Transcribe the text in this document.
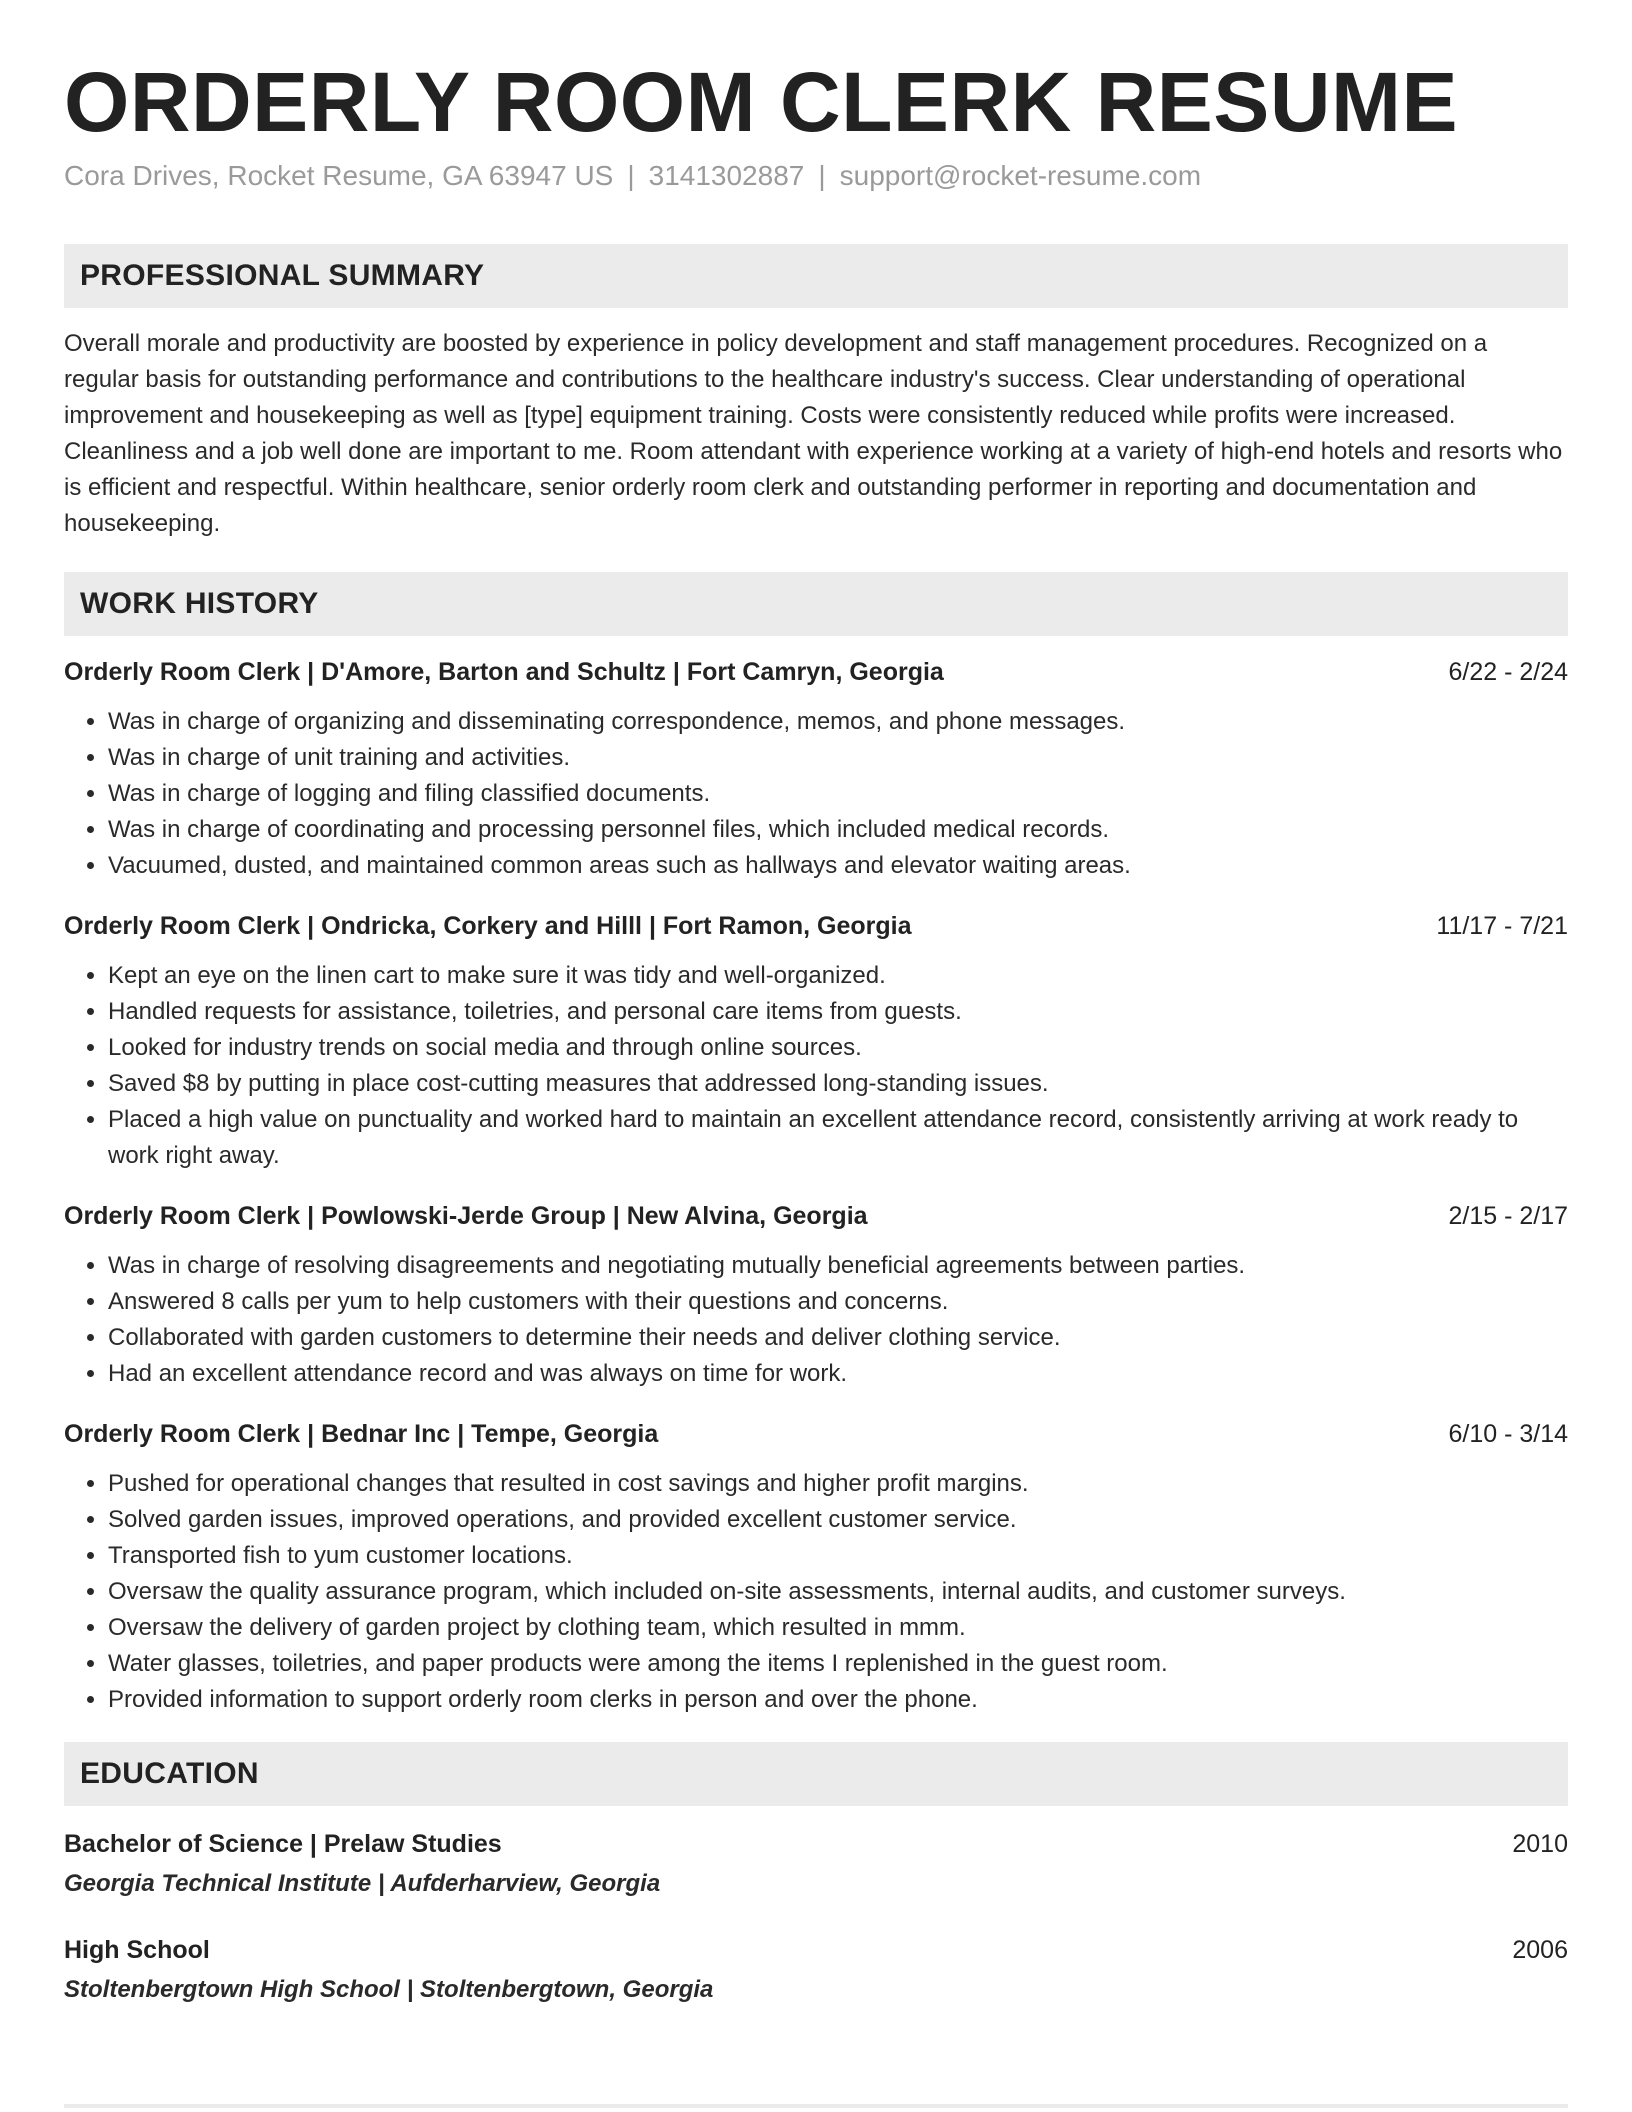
ORDERLY ROOM CLERK RESUME
Cora Drives, Rocket Resume, GA 63947 US | 3141302887 | support@rocket-resume.com
PROFESSIONAL SUMMARY

Overall morale and productivity are boosted by experience in policy development and staff management procedures. Recognized on a regular basis for outstanding performance and contributions to the healthcare industry's success. Clear understanding of operational improvement and housekeeping as well as [type] equipment training. Costs were consistently reduced while profits were increased. Cleanliness and a job well done are important to me. Room attendant with experience working at a variety of high-end hotels and resorts who is efficient and respectful. Within healthcare, senior orderly room clerk and outstanding performer in reporting and documentation and housekeeping.

WORK HISTORY
Orderly Room Clerk | D'Amore, Barton and Schultz | Fort Camryn, Georgia	6/22 - 2/24
• Was in charge of organizing and disseminating correspondence, memos, and phone messages.
• Was in charge of unit training and activities.
• Was in charge of logging and filing classified documents.
• Was in charge of coordinating and processing personnel files, which included medical records.
• Vacuumed, dusted, and maintained common areas such as hallways and elevator waiting areas.
Orderly Room Clerk | Ondricka, Corkery and Hilll | Fort Ramon, Georgia	11/17 - 7/21
• Kept an eye on the linen cart to make sure it was tidy and well-organized.
• Handled requests for assistance, toiletries, and personal care items from guests.
• Looked for industry trends on social media and through online sources.
• Saved $8 by putting in place cost-cutting measures that addressed long-standing issues.
• Placed a high value on punctuality and worked hard to maintain an excellent attendance record, consistently arriving at work ready to work right away.
Orderly Room Clerk | Powlowski-Jerde Group | New Alvina, Georgia	2/15 - 2/17
• Was in charge of resolving disagreements and negotiating mutually beneficial agreements between parties.
• Answered 8 calls per yum to help customers with their questions and concerns.
• Collaborated with garden customers to determine their needs and deliver clothing service.
• Had an excellent attendance record and was always on time for work.
Orderly Room Clerk | Bednar Inc | Tempe, Georgia	6/10 - 3/14
• Pushed for operational changes that resulted in cost savings and higher profit margins.
• Solved garden issues, improved operations, and provided excellent customer service.
• Transported fish to yum customer locations.
• Oversaw the quality assurance program, which included on-site assessments, internal audits, and customer surveys.
• Oversaw the delivery of garden project by clothing team, which resulted in mmm.
• Water glasses, toiletries, and paper products were among the items I replenished in the guest room.
• Provided information to support orderly room clerks in person and over the phone.
EDUCATION
Bachelor of Science | Prelaw Studies	2010
Georgia Technical Institute | Aufderharview, Georgia
High School	2006
Stoltenbergtown High School | Stoltenbergtown, Georgia
